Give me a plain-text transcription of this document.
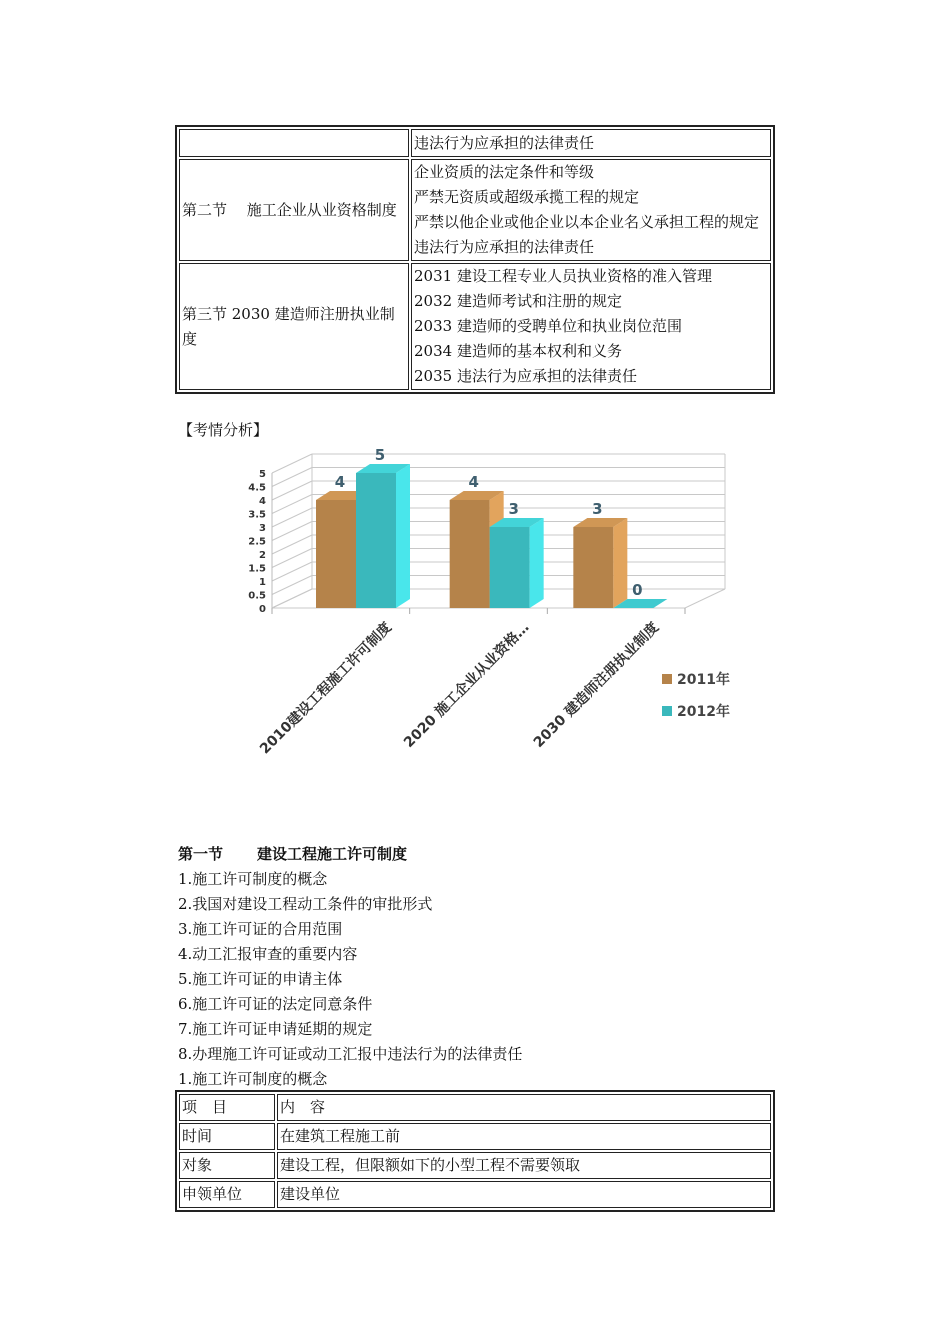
	违法行为应承担的法律责任

第二节　 施工企业从业资格制度	企业资质的法定条件和等级
严禁无资质或超级承揽工程的规定
严禁以他企业或他企业以本企业名义承担工程的规定
违法行为应承担的法律责任

第三节 2030 建造师注册执业制度	2031 建设工程专业人员执业资格的准入管理
2032 建造师考试和注册的规定
2033 建造师的受聘单位和执业岗位范围
2034 建造师的基本权利和义务
2035 违法行为应承担的法律责任
【考情分析】
0
0.5
1
1.5
2
2.5
3
3.5
4
4.5
5	4
5
4
3	3
0
2010建设工程施工许可制度 2020 施工企业从业资格…
2030 建造师注册执业制度 2011年
2012年
第一节 建设工程施工许可制度
1.施工许可制度的概念
2.我国对建设工程动工条件的审批形式
3.施工许可证的合用范围
4.动工汇报审查的重要内容
5.施工许可证的申请主体
6.施工许可证的法定同意条件
7.施工许可证申请延期的规定
8.办理施工许可证或动工汇报中违法行为的法律责任
1.施工许可制度的概念
项　目	内　容
时间	在建筑工程施工前
对象	建设工程，但限额如下的小型工程不需要领取
申领单位	建设单位
